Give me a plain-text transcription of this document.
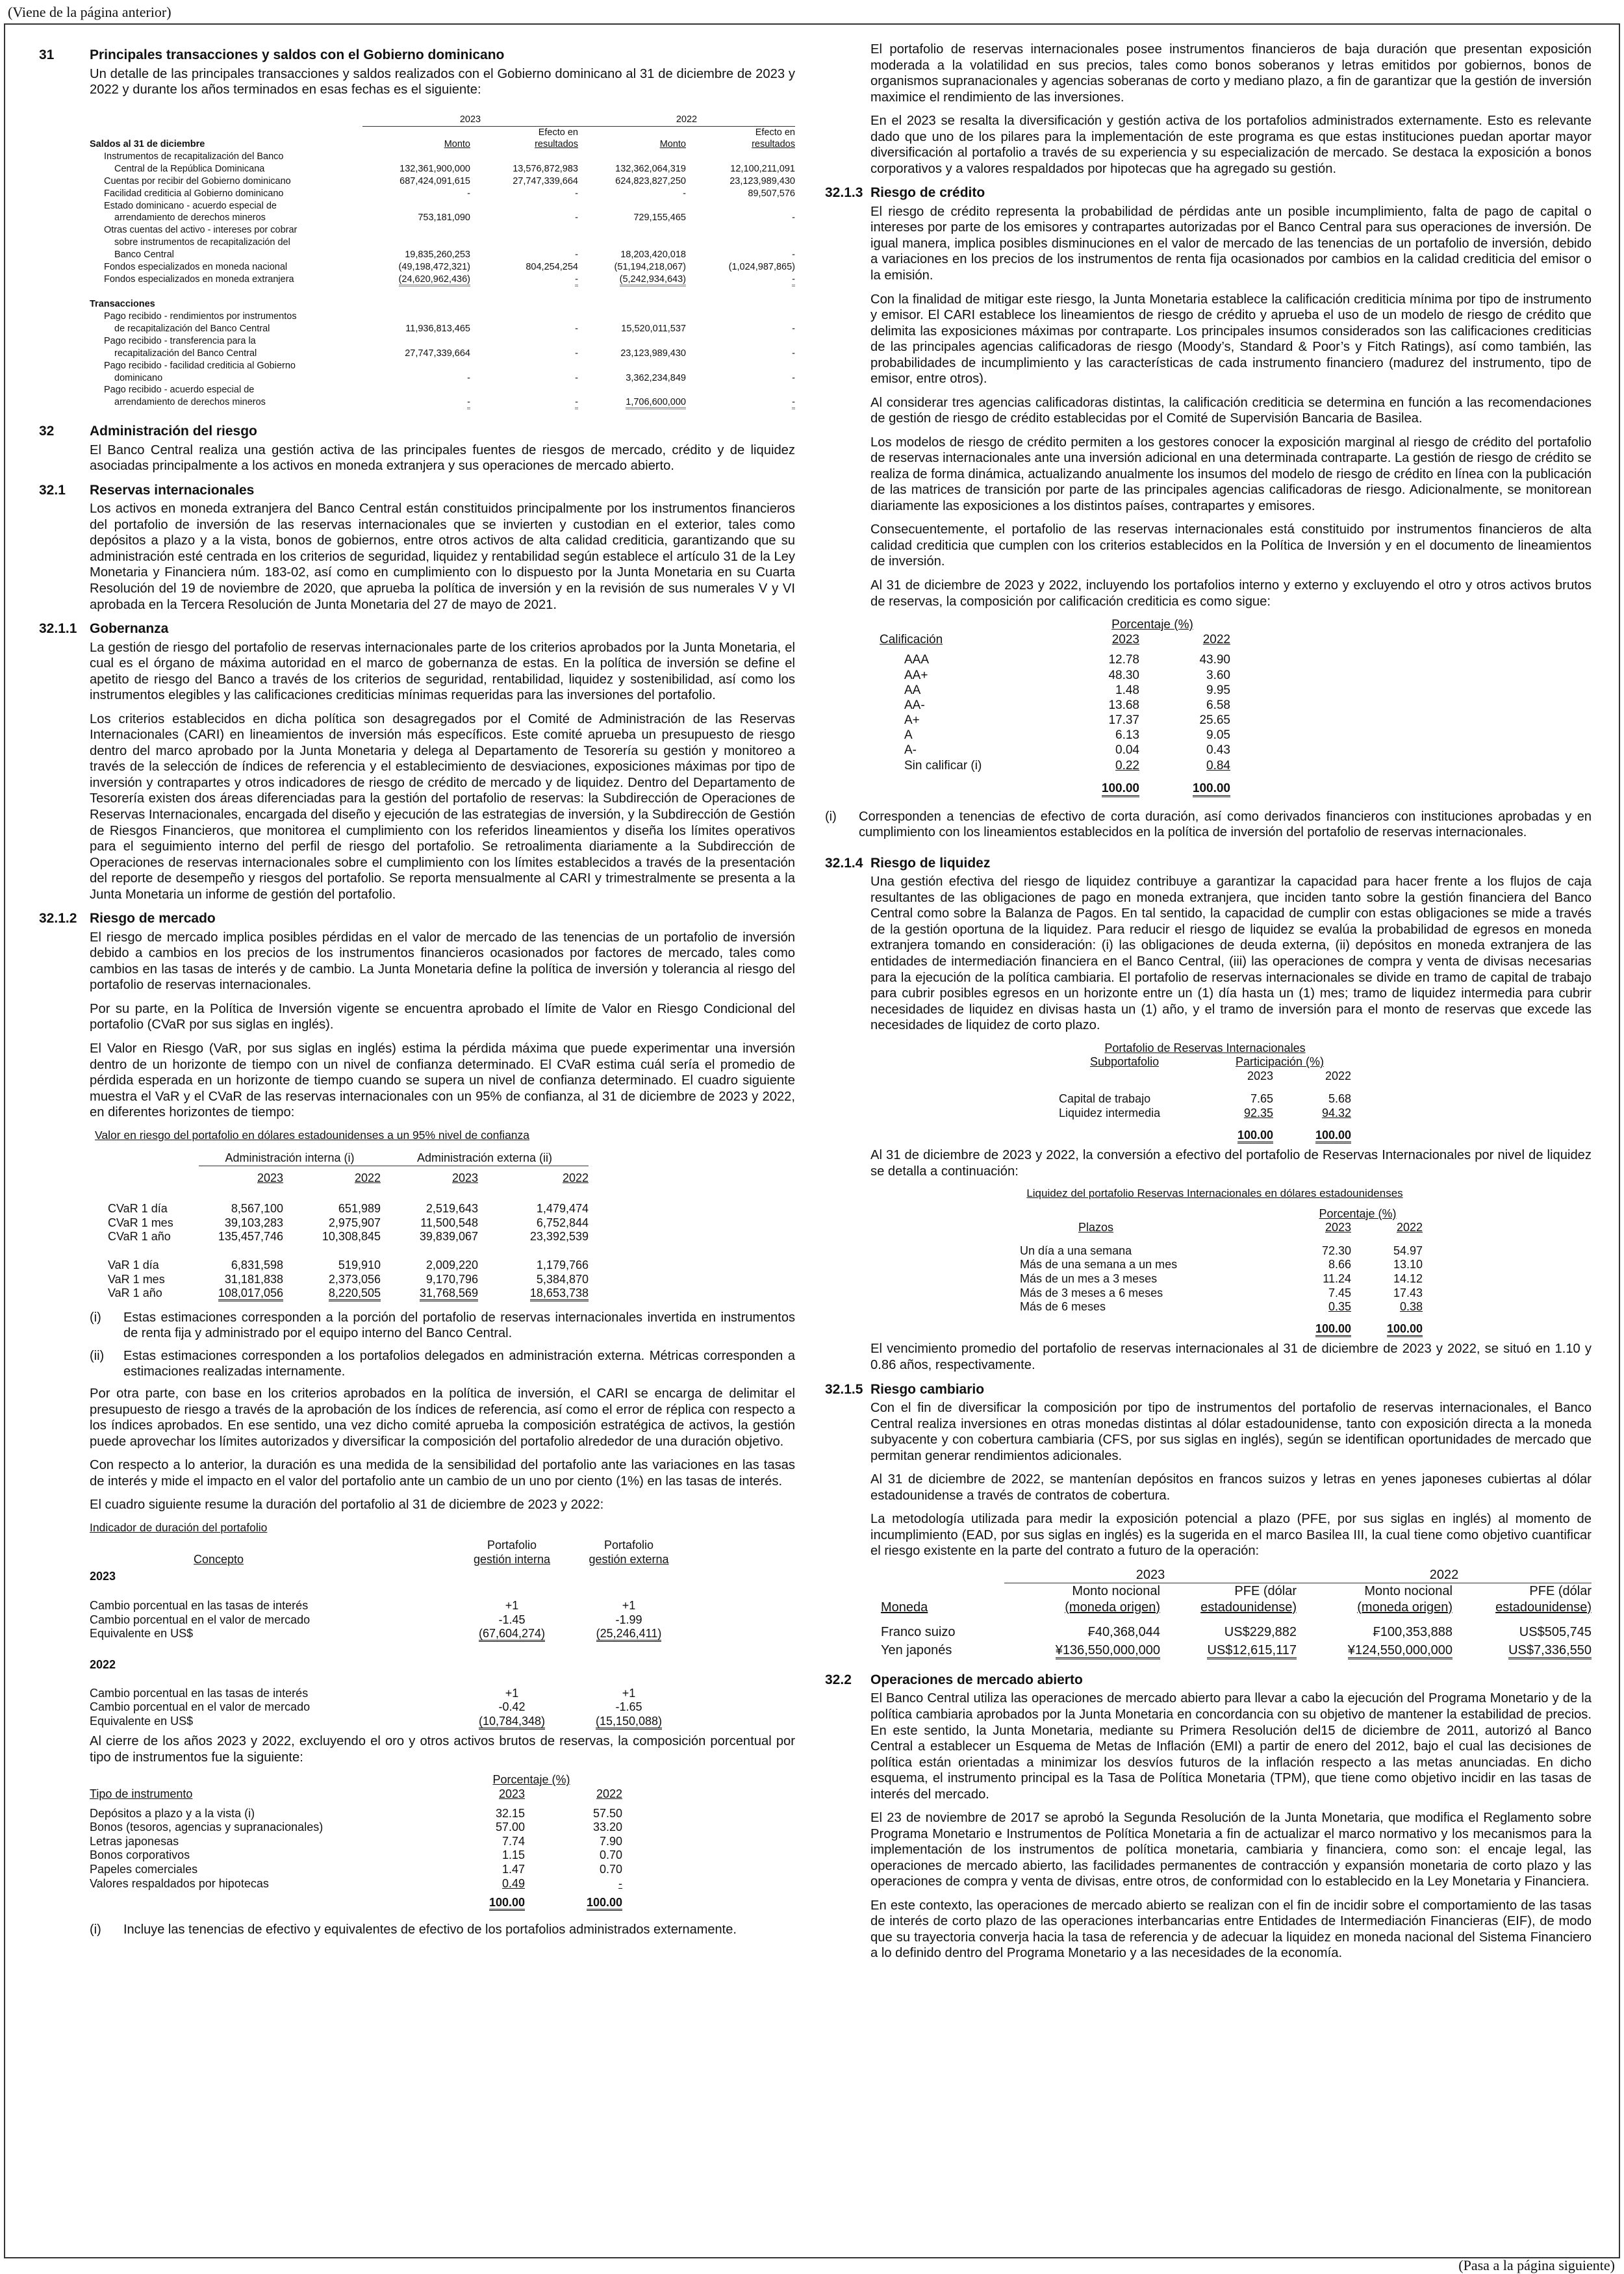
(Viene de la página anterior)
31	Principales transacciones y saldos con el Gobierno dominicano
Un detalle de las principales transacciones y saldos realizados con el Gobierno dominicano al 31 de diciembre de 2023 y 2022 y durante los años terminados en esas fechas es el siguiente:
	2023		2022	
		Efecto en		Efecto en
Saldos al 31 de diciembre	Monto	resultados	Monto	resultados
Instrumentos de recapitalización del Banco				
Central de la República Dominicana	132,361,900,000	13,576,872,983	132,362,064,319	12,100,211,091
Cuentas por recibir del Gobierno dominicano	687,424,091,615	27,747,339,664	624,823,827,250	23,123,989,430
Facilidad crediticia al Gobierno dominicano	-	-	-	89,507,576
Estado dominicano - acuerdo especial de				
arrendamiento de derechos mineros	753,181,090	-	729,155,465	-
Otras cuentas del activo - intereses por cobrar				
sobre instrumentos de recapitalización del				
Banco Central	19,835,260,253	-	18,203,420,018	-
Fondos especializados en moneda nacional	(49,198,472,321)	804,254,254	(51,194,218,067)	(1,024,987,865)
Fondos especializados en moneda extranjera	(24,620,962,436)	-	(5,242,934,643)	-

Transacciones				
Pago recibido - rendimientos por instrumentos				
de recapitalización del Banco Central	11,936,813,465	-	15,520,011,537	-
Pago recibido - transferencia para la				
recapitalización del Banco Central	27,747,339,664	-	23,123,989,430	-
Pago recibido - facilidad crediticia al Gobierno				
dominicano	-	-	3,362,234,849	-
Pago recibido - acuerdo especial de				
arrendamiento de derechos mineros	-	-	1,706,600,000	-
32	Administración del riesgo
El Banco Central realiza una gestión activa de las principales fuentes de riesgos de mercado, crédito y de liquidez asociadas principalmente a los activos en moneda extranjera y sus operaciones de mercado abierto.
32.1	Reservas internacionales
Los activos en moneda extranjera del Banco Central están constituidos principalmente por los instrumentos financieros del portafolio de inversión de las reservas internacionales que se invierten y custodian en el exterior, tales como depósitos a plazo y a la vista, bonos de gobiernos, entre otros activos de alta calidad crediticia, garantizando que su administración esté centrada en los criterios de seguridad, liquidez y rentabilidad según establece el artículo 31 de la Ley Monetaria y Financiera núm. 183-02, así como en cumplimiento con lo dispuesto por la Junta Monetaria en su Cuarta Resolución del 19 de noviembre de 2020, que aprueba la política de inversión y en la revisión de sus numerales V y VI aprobada en la Tercera Resolución de Junta Monetaria del 27 de mayo de 2021.
32.1.1 Gobernanza
La gestión de riesgo del portafolio de reservas internacionales parte de los criterios aprobados por la Junta Monetaria, el cual es el órgano de máxima autoridad en el marco de gobernanza de estas. En la política de inversión se define el apetito de riesgo del Banco a través de los criterios de seguridad, rentabilidad, liquidez y sostenibilidad, así como los instrumentos elegibles y las calificaciones crediticias mínimas requeridas para las inversiones del portafolio.
Los criterios establecidos en dicha política son desagregados por el Comité de Administración de las Reservas Internacionales (CARI) en lineamientos de inversión más específicos. Este comité aprueba un presupuesto de riesgo dentro del marco aprobado por la Junta Monetaria y delega al Departamento de Tesorería su gestión y monitoreo a través de la selección de índices de referencia y el establecimiento de desviaciones, exposiciones máximas por tipo de inversión y contrapartes y otros indicadores de riesgo de crédito de mercado y de liquidez. Dentro del Departamento de Tesorería existen dos áreas diferenciadas para la gestión del portafolio de reservas: la Subdirección de Operaciones de Reservas Internacionales, encargada del diseño y ejecución de las estrategias de inversión, y la Subdirección de Gestión de Riesgos Financieros, que monitorea el cumplimiento con los referidos lineamientos y diseña los límites operativos para el seguimiento interno del perfil de riesgo del portafolio. Se retroalimenta diariamente a la Subdirección de Operaciones de reservas internacionales sobre el cumplimiento con los límites establecidos a través de la presentación del reporte de desempeño y riesgos del portafolio. Se reporta mensualmente al CARI y trimestralmente se presenta a la Junta Monetaria un informe de gestión del portafolio.
32.1.2 Riesgo de mercado
El riesgo de mercado implica posibles pérdidas en el valor de mercado de las tenencias de un portafolio de inversión debido a cambios en los precios de los instrumentos financieros ocasionados por factores de mercado, tales como cambios en las tasas de interés y de cambio. La Junta Monetaria define la política de inversión y tolerancia al riesgo del portafolio de reservas internacionales.
Por su parte, en la Política de Inversión vigente se encuentra aprobado el límite de Valor en Riesgo Condicional del portafolio (CVaR por sus siglas en inglés).
El Valor en Riesgo (VaR, por sus siglas en inglés) estima la pérdida máxima que puede experimentar una inversión dentro de un horizonte de tiempo con un nivel de confianza determinado. El CVaR estima cuál sería el promedio de pérdida esperada en un horizonte de tiempo cuando se supera un nivel de confianza determinado. El cuadro siguiente muestra el VaR y el CVaR de las reservas internacionales con un 95% de confianza, al 31 de diciembre de 2023 y 2022, en diferentes horizontes de tiempo:
Valor en riesgo del portafolio en dólares estadounidenses a un 95% nivel de confianza
	Administración interna (i)		Administración externa (ii)	
	2023	2022	2023	2022

CVaR 1 día	8,567,100	651,989	2,519,643	1,479,474
CVaR 1 mes	39,103,283	2,975,907	11,500,548	6,752,844
CVaR 1 año	135,457,746	10,308,845	39,839,067	23,392,539

VaR 1 día	6,831,598	519,910	2,009,220	1,179,766
VaR 1 mes	31,181,838	2,373,056	9,170,796	5,384,870
VaR 1 año	108,017,056	8,220,505	31,768,569	18,653,738
(i)	Estas estimaciones corresponden a la porción del portafolio de reservas internacionales invertida en instrumentos de renta fija y administrado por el equipo interno del Banco Central.
(ii)	Estas estimaciones corresponden a los portafolios delegados en administración externa. Métricas corresponden a estimaciones realizadas internamente.
Por otra parte, con base en los criterios aprobados en la política de inversión, el CARI se encarga de delimitar el presupuesto de riesgo a través de la aprobación de los índices de referencia, así como el error de réplica con respecto a los índices aprobados. En ese sentido, una vez dicho comité aprueba la composición estratégica de activos, la gestión puede aprovechar los límites autorizados y diversificar la composición del portafolio alrededor de una duración objetivo.
Con respecto a lo anterior, la duración es una medida de la sensibilidad del portafolio ante las variaciones en las tasas de interés y mide el impacto en el valor del portafolio ante un cambio de un uno por ciento (1%) en las tasas de interés.
El cuadro siguiente resume la duración del portafolio al 31 de diciembre de 2023 y 2022:
Indicador de duración del portafolio
	Portafolio	Portafolio
Concepto	gestión interna	gestión externa
2023		
Cambio porcentual en las tasas de interés	+1	+1
Cambio porcentual en el valor de mercado	-1.45	-1.99
Equivalente en US$	(67,604,274)	(25,246,411)
2022		
Cambio porcentual en las tasas de interés	+1	+1
Cambio porcentual en el valor de mercado	-0.42	-1.65
Equivalente en US$	(10,784,348)	(15,150,088)
Al cierre de los años 2023 y 2022, excluyendo el oro y otros activos brutos de reservas, la composición porcentual por tipo de instrumentos fue la siguiente:
	Porcentaje (%)	
Tipo de instrumento	2023	2022

Depósitos a plazo y a la vista (i)	32.15	57.50
Bonos (tesoros, agencias y supranacionales)	57.00	33.20
Letras japonesas	7.74	7.90
Bonos corporativos	1.15	0.70
Papeles comerciales	1.47	0.70
Valores respaldados por hipotecas	0.49	-

	100.00	100.00
(i)	Incluye las tenencias de efectivo y equivalentes de efectivo de los portafolios administrados externamente.
El portafolio de reservas internacionales posee instrumentos financieros de baja duración que presentan exposición moderada a la volatilidad en sus precios, tales como bonos soberanos y letras emitidos por gobiernos, bonos de organismos supranacionales y agencias soberanas de corto y mediano plazo, a fin de garantizar que la gestión de inversión maximice el rendimiento de las inversiones.
En el 2023 se resalta la diversificación y gestión activa de los portafolios administrados externamente. Esto es relevante dado que uno de los pilares para la implementación de este programa es que estas instituciones puedan aportar mayor diversificación al portafolio a través de su experiencia y su especialización de mercado. Se destaca la exposición a bonos corporativos y a valores respaldados por hipotecas que ha agregado su gestión.
32.1.3 Riesgo de crédito
El riesgo de crédito representa la probabilidad de pérdidas ante un posible incumplimiento, falta de pago de capital o intereses por parte de los emisores y contrapartes autorizadas por el Banco Central para sus operaciones de inversión. De igual manera, implica posibles disminuciones en el valor de mercado de las tenencias de un portafolio de inversión, debido a variaciones en los precios de los instrumentos de renta fija ocasionados por cambios en la calidad crediticia del emisor o la emisión.
Con la finalidad de mitigar este riesgo, la Junta Monetaria establece la calificación crediticia mínima por tipo de instrumento y emisor. El CARI establece los lineamientos de riesgo de crédito y aprueba el uso de un modelo de riesgo de crédito que delimita las exposiciones máximas por contraparte. Los principales insumos considerados son las calificaciones crediticias de las principales agencias calificadoras de riesgo (Moody’s, Standard & Poor’s y Fitch Ratings), así como también, las probabilidades de incumplimiento y las características de cada instrumento financiero (madurez del instrumento, tipo de emisor, entre otros).
Al considerar tres agencias calificadoras distintas, la calificación crediticia se determina en función a las recomendaciones de gestión de riesgo de crédito establecidas por el Comité de Supervisión Bancaria de Basilea.
Los modelos de riesgo de crédito permiten a los gestores conocer la exposición marginal al riesgo de crédito del portafolio de reservas internacionales ante una inversión adicional en una determinada contraparte. La gestión de riesgo de crédito se realiza de forma dinámica, actualizando anualmente los insumos del modelo de riesgo de crédito en línea con la publicación de las matrices de transición por parte de las principales agencias calificadoras de riesgo. Adicionalmente, se monitorean diariamente las exposiciones a los distintos países, contrapartes y emisores.
Consecuentemente, el portafolio de las reservas internacionales está constituido por instrumentos financieros de alta calidad crediticia que cumplen con los criterios establecidos en la Política de Inversión y en el documento de lineamientos de inversión.
Al 31 de diciembre de 2023 y 2022, incluyendo los portafolios interno y externo y excluyendo el otro y otros activos brutos de reservas, la composición por calificación crediticia es como sigue:
	Porcentaje (%)	
Calificación	2023	2022

AAA	12.78	43.90
AA+	48.30	3.60
AA	1.48	9.95
AA-	13.68	6.58
A+	17.37	25.65
A	6.13	9.05
A-	0.04	0.43
Sin calificar (i)	0.22	0.84

	100.00	100.00
(i)	Corresponden a tenencias de efectivo de corta duración, así como derivados financieros con instituciones aprobadas y en cumplimiento con los lineamientos establecidos en la política de inversión del portafolio de reservas internacionales.
32.1.4 Riesgo de liquidez
Una gestión efectiva del riesgo de liquidez contribuye a garantizar la capacidad para hacer frente a los flujos de caja resultantes de las obligaciones de pago en moneda extranjera, que inciden tanto sobre la gestión financiera del Banco Central como sobre la Balanza de Pagos. En tal sentido, la capacidad de cumplir con estas obligaciones se mide a través de la gestión oportuna de la liquidez. Para reducir el riesgo de liquidez se evalúa la probabilidad de egresos en moneda extranjera tomando en consideración: (i) las obligaciones de deuda externa, (ii) depósitos en moneda extranjera de las entidades de intermediación financiera en el Banco Central, (iii) las operaciones de compra y venta de divisas necesarias para la ejecución de la política cambiaria. El portafolio de reservas internacionales se divide en tramo de capital de trabajo para cubrir posibles egresos en un horizonte entre un (1) día hasta un (1) mes; tramo de liquidez intermedia para cubrir necesidades de liquidez en divisas hasta un (1) año, y el tramo de inversión para el monto de reservas que excede las necesidades de liquidez de corto plazo.
Portafolio de Reservas Internacionales		
Subportafolio	Participación (%)	
	2023	2022

Capital de trabajo	7.65	5.68
Liquidez intermedia	92.35	94.32

	100.00	100.00
Al 31 de diciembre de 2023 y 2022, la conversión a efectivo del portafolio de Reservas Internacionales por nivel de liquidez se detalla a continuación:
Liquidez del portafolio Reservas Internacionales en dólares estadounidenses		

	Porcentaje (%)	
Plazos	2023	2022

Un día a una semana	72.30	54.97
Más de una semana a un mes	8.66	13.10
Más de un mes a 3 meses	11.24	14.12
Más de 3 meses a 6 meses	7.45	17.43
Más de 6 meses	0.35	0.38

	100.00	100.00
El vencimiento promedio del portafolio de reservas internacionales al 31 de diciembre de 2023 y 2022, se situó en 1.10 y 0.86 años, respectivamente.
32.1.5 Riesgo cambiario
Con el fin de diversificar la composición por tipo de instrumentos del portafolio de reservas internacionales, el Banco Central realiza inversiones en otras monedas distintas al dólar estadounidense, tanto con exposición directa a la moneda subyacente y con cobertura cambiaria (CFS, por sus siglas en inglés), según se identifican oportunidades de mercado que permitan generar rendimientos adicionales.
Al 31 de diciembre de 2022, se mantenían depósitos en francos suizos y letras en yenes japoneses cubiertas al dólar estadounidense a través de contratos de cobertura.
La metodología utilizada para medir la exposición potencial a plazo (PFE, por sus siglas en inglés) al momento de incumplimiento (EAD, por sus siglas en inglés) es la sugerida en el marco Basilea III, la cual tiene como objetivo cuantificar el riesgo existente en la parte del contrato a futuro de la operación:
	2023		2022	
	Monto nocional	PFE (dólar	Monto nocional	PFE (dólar
Moneda	(moneda origen)	estadounidense)	(moneda origen)	estadounidense)

Franco suizo	₣40,368,044	US$229,882	₣100,353,888	US$505,745
Yen japonés	¥136,550,000,000	US$12,615,117	¥124,550,000,000	US$7,336,550
32.2	Operaciones de mercado abierto
El Banco Central utiliza las operaciones de mercado abierto para llevar a cabo la ejecución del Programa Monetario y de la política cambiaria aprobados por la Junta Monetaria en concordancia con su objetivo de mantener la estabilidad de precios. En este sentido, la Junta Monetaria, mediante su Primera Resolución del15 de diciembre de 2011, autorizó al Banco Central a establecer un Esquema de Metas de Inflación (EMI) a partir de enero del 2012, bajo el cual las decisiones de política están orientadas a minimizar los desvíos futuros de la inflación respecto a las metas anunciadas. En dicho esquema, el instrumento principal es la Tasa de Política Monetaria (TPM), que tiene como objetivo incidir en las tasas de interés del mercado.
El 23 de noviembre de 2017 se aprobó la Segunda Resolución de la Junta Monetaria, que modifica el Reglamento sobre Programa Monetario e Instrumentos de Política Monetaria a fin de actualizar el marco normativo y los mecanismos para la implementación de los instrumentos de política monetaria, cambiaria y financiera, como son: el encaje legal, las operaciones de mercado abierto, las facilidades permanentes de contracción y expansión monetaria de corto plazo y las operaciones de compra y venta de divisas, entre otros, de conformidad con lo establecido en la Ley Monetaria y Financiera.
En este contexto, las operaciones de mercado abierto se realizan con el fin de incidir sobre el comportamiento de las tasas de interés de corto plazo de las operaciones interbancarias entre Entidades de Intermediación Financieras (EIF), de modo que su trayectoria converja hacia la tasa de referencia y de adecuar la liquidez en moneda nacional del Sistema Financiero a lo definido dentro del Programa Monetario y a las necesidades de la economía.
(Pasa a la página siguiente)
